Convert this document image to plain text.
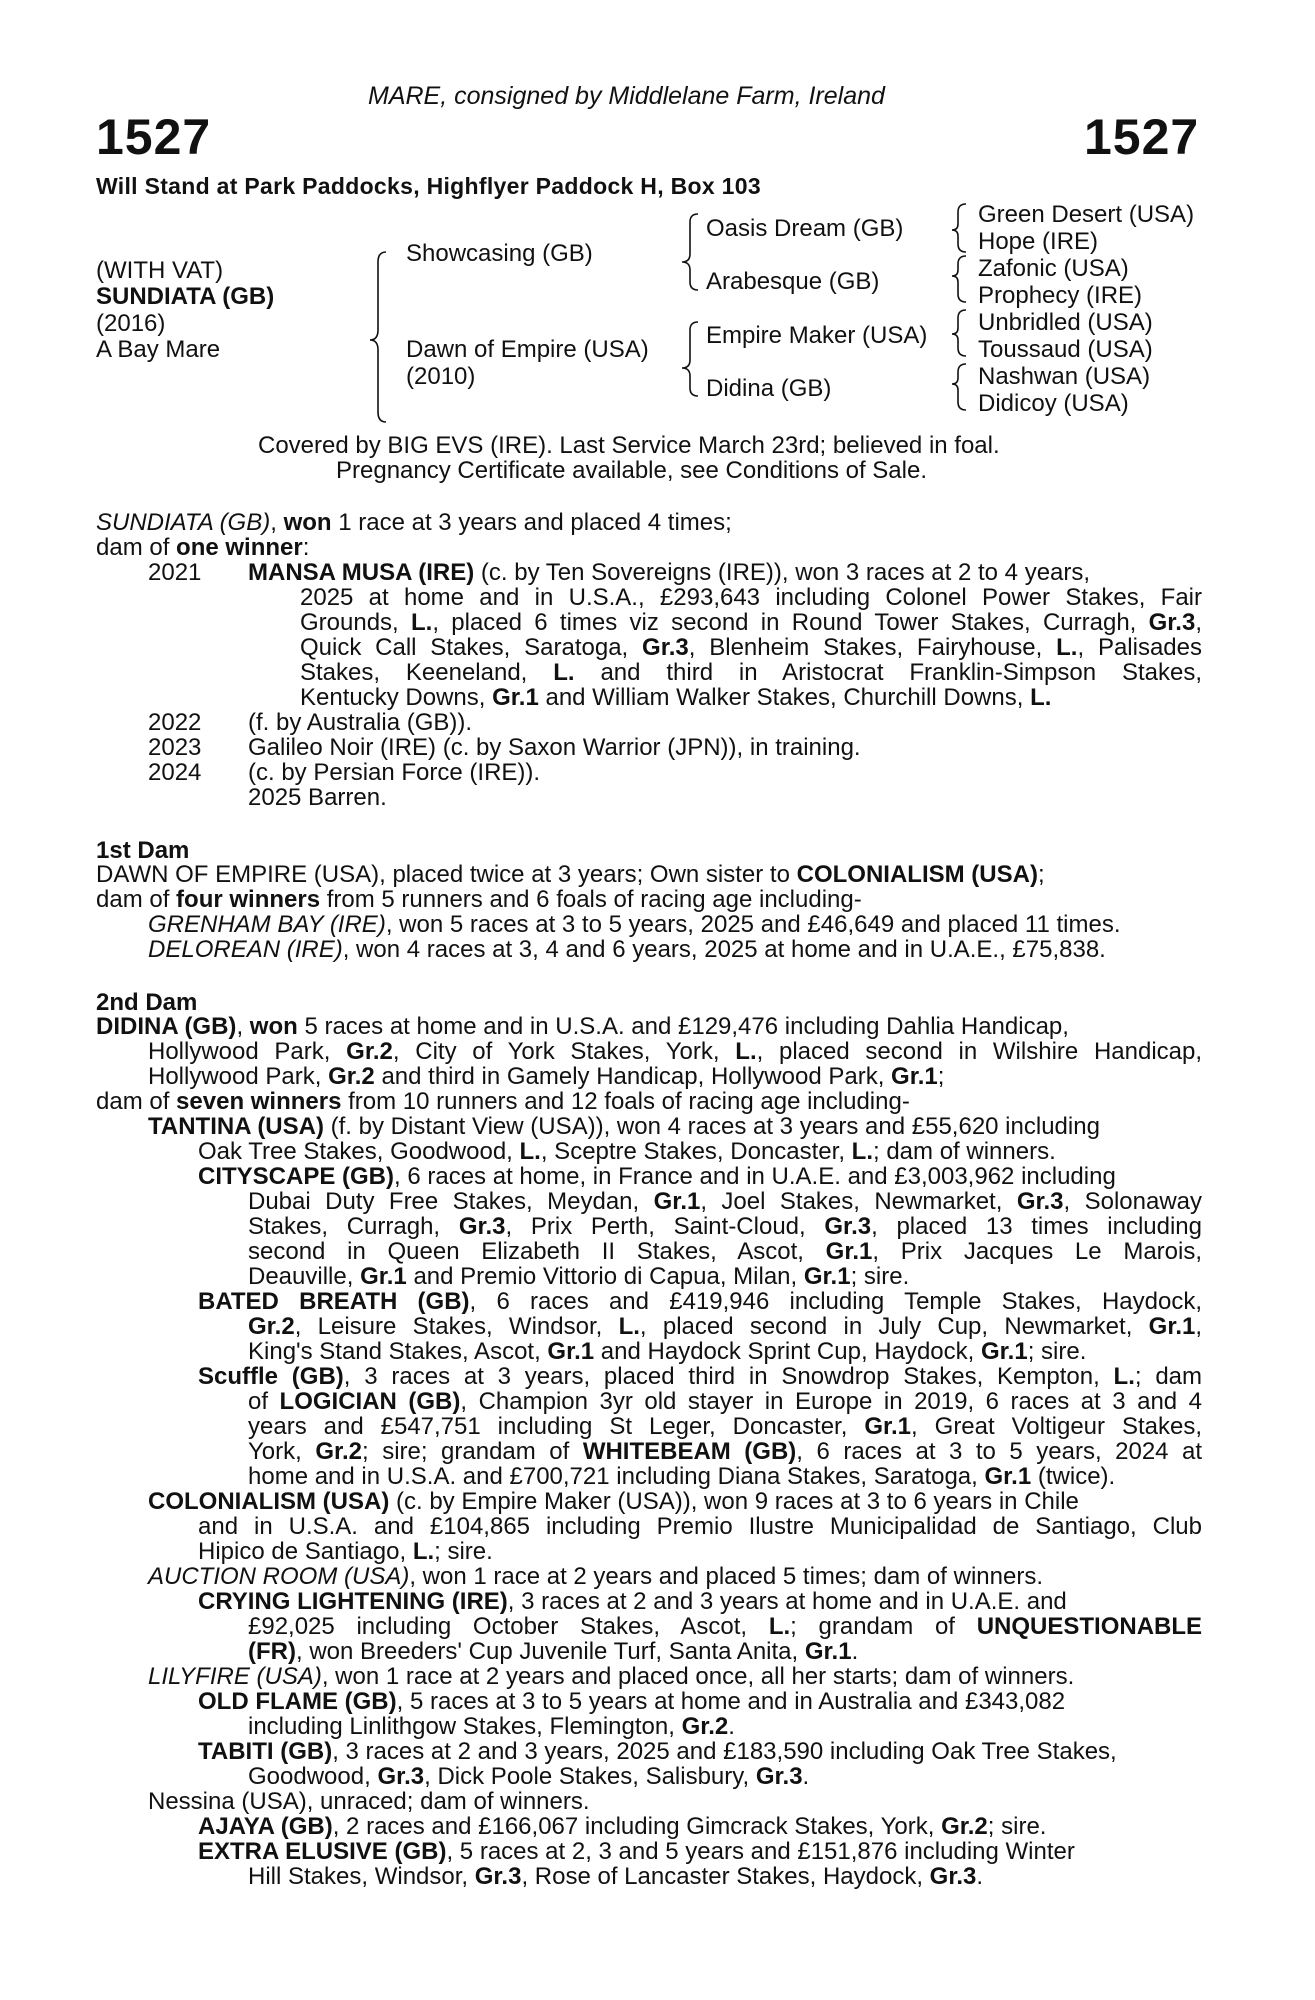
MARE, consigned by Middlelane Farm, Ireland
1527	1527
Will Stand at Park Paddocks, Highflyer Paddock H, Box 103
(WITH VAT)
SUNDIATA (GB)
(2016)
A Bay Mare
Showcasing (GB)
Dawn of Empire (USA)
(2010)
Oasis Dream (GB)
Arabesque (GB)
Empire Maker (USA)
Didina (GB)
Green Desert (USA)
Hope (IRE)
Zafonic (USA)
Prophecy (IRE)
Unbridled (USA)
Toussaud (USA)
Nashwan (USA)
Didicoy (USA)
Covered by BIG EVS (IRE). Last Service March 23rd; believed in foal.
Pregnancy Certificate available, see Conditions of Sale.
SUNDIATA (GB), won 1 race at 3 years and placed 4 times;
dam of one winner:
2021 MANSA MUSA (IRE) (c. by Ten Sovereigns (IRE)), won 3 races at 2 to 4 years,
2025 at home and in U.S.A., £293,643 including Colonel Power Stakes, Fair
Grounds, L., placed 6 times viz second in Round Tower Stakes, Curragh, Gr.3,
Quick Call Stakes, Saratoga, Gr.3, Blenheim Stakes, Fairyhouse, L., Palisades
Stakes, Keeneland, L. and third in Aristocrat Franklin-Simpson Stakes,
Kentucky Downs, Gr.1 and William Walker Stakes, Churchill Downs, L.
2022 (f. by Australia (GB)).
2023 Galileo Noir (IRE) (c. by Saxon Warrior (JPN)), in training.
2024 (c. by Persian Force (IRE)).
2025 Barren.
1st Dam
DAWN OF EMPIRE (USA), placed twice at 3 years; Own sister to COLONIALISM (USA);
dam of four winners from 5 runners and 6 foals of racing age including-
GRENHAM BAY (IRE), won 5 races at 3 to 5 years, 2025 and £46,649 and placed 11 times.
DELOREAN (IRE), won 4 races at 3, 4 and 6 years, 2025 at home and in U.A.E., £75,838.
2nd Dam
DIDINA (GB), won 5 races at home and in U.S.A. and £129,476 including Dahlia Handicap,
Hollywood Park, Gr.2, City of York Stakes, York, L., placed second in Wilshire Handicap,
Hollywood Park, Gr.2 and third in Gamely Handicap, Hollywood Park, Gr.1;
dam of seven winners from 10 runners and 12 foals of racing age including-
TANTINA (USA) (f. by Distant View (USA)), won 4 races at 3 years and £55,620 including
Oak Tree Stakes, Goodwood, L., Sceptre Stakes, Doncaster, L.; dam of winners.
CITYSCAPE (GB), 6 races at home, in France and in U.A.E. and £3,003,962 including
Dubai Duty Free Stakes, Meydan, Gr.1, Joel Stakes, Newmarket, Gr.3, Solonaway
Stakes, Curragh, Gr.3, Prix Perth, Saint-Cloud, Gr.3, placed 13 times including
second in Queen Elizabeth II Stakes, Ascot, Gr.1, Prix Jacques Le Marois,
Deauville, Gr.1 and Premio Vittorio di Capua, Milan, Gr.1; sire.
BATED BREATH (GB), 6 races and £419,946 including Temple Stakes, Haydock,
Gr.2, Leisure Stakes, Windsor, L., placed second in July Cup, Newmarket, Gr.1,
King's Stand Stakes, Ascot, Gr.1 and Haydock Sprint Cup, Haydock, Gr.1; sire.
Scuffle (GB), 3 races at 3 years, placed third in Snowdrop Stakes, Kempton, L.; dam
of LOGICIAN (GB), Champion 3yr old stayer in Europe in 2019, 6 races at 3 and 4
years and £547,751 including St Leger, Doncaster, Gr.1, Great Voltigeur Stakes,
York, Gr.2; sire; grandam of WHITEBEAM (GB), 6 races at 3 to 5 years, 2024 at
home and in U.S.A. and £700,721 including Diana Stakes, Saratoga, Gr.1 (twice).
COLONIALISM (USA) (c. by Empire Maker (USA)), won 9 races at 3 to 6 years in Chile
and in U.S.A. and £104,865 including Premio Ilustre Municipalidad de Santiago, Club
Hipico de Santiago, L.; sire.
AUCTION ROOM (USA), won 1 race at 2 years and placed 5 times; dam of winners.
CRYING LIGHTENING (IRE), 3 races at 2 and 3 years at home and in U.A.E. and
£92,025 including October Stakes, Ascot, L.; grandam of UNQUESTIONABLE
(FR), won Breeders' Cup Juvenile Turf, Santa Anita, Gr.1.
LILYFIRE (USA), won 1 race at 2 years and placed once, all her starts; dam of winners.
OLD FLAME (GB), 5 races at 3 to 5 years at home and in Australia and £343,082
including Linlithgow Stakes, Flemington, Gr.2.
TABITI (GB), 3 races at 2 and 3 years, 2025 and £183,590 including Oak Tree Stakes,
Goodwood, Gr.3, Dick Poole Stakes, Salisbury, Gr.3.
Nessina (USA), unraced; dam of winners.
AJAYA (GB), 2 races and £166,067 including Gimcrack Stakes, York, Gr.2; sire.
EXTRA ELUSIVE (GB), 5 races at 2, 3 and 5 years and £151,876 including Winter
Hill Stakes, Windsor, Gr.3, Rose of Lancaster Stakes, Haydock, Gr.3.
